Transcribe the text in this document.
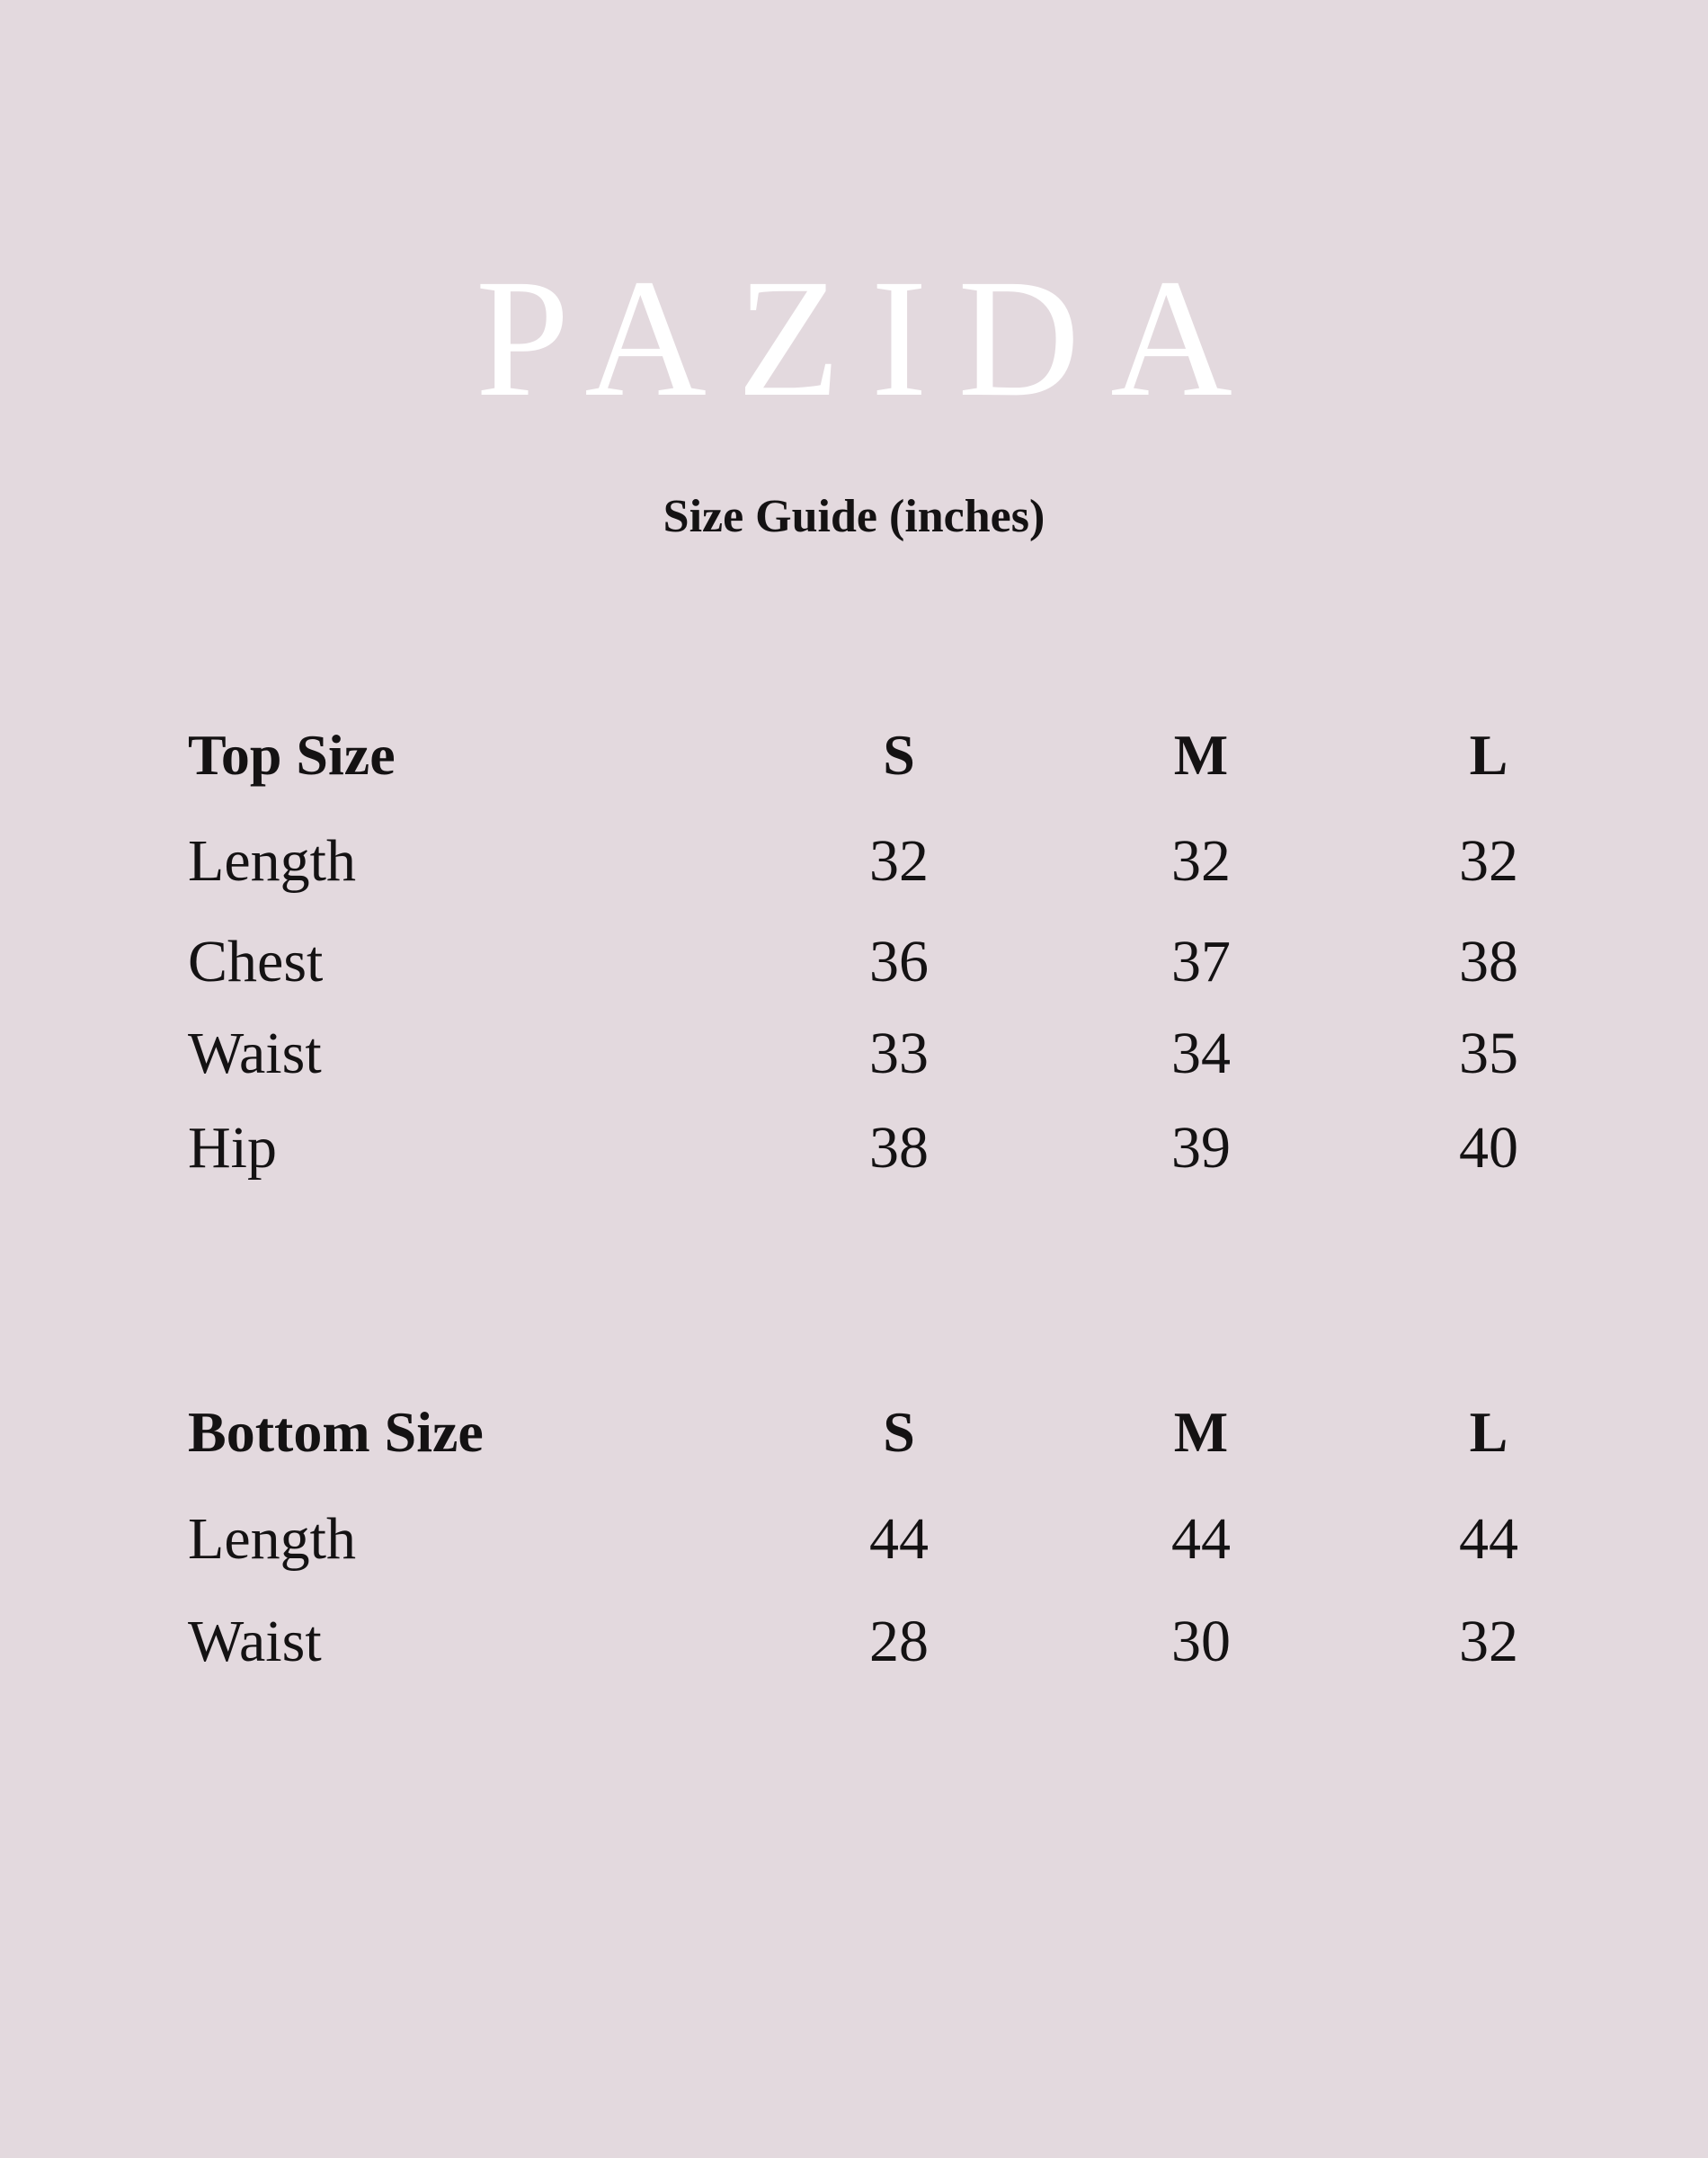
PAZIDA
Size Guide (inches)
Top Size	S	M	L
Length	32	32	32
Chest	36	37	38
Waist	33	34	35
Hip	38	39	40
Bottom Size	S	M	L
Length	44	44	44
Waist	28	30	32
